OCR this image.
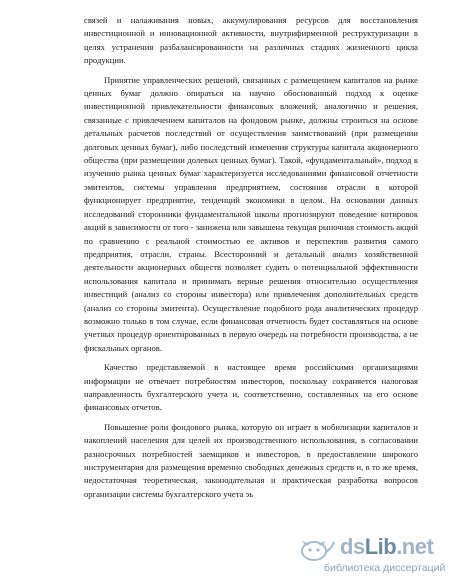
связей и налаживания новых, аккумулирования ресурсов для восстановления
инвестиционной и инновационной активности, внутрифирменной реструктуризации в
целях устранения разбалансированности на различных стадиях жизненного цикла
продукции.

Принятие управленческих решений, связанных с размещением капиталов на рынке
ценных бумаг должно опираться на научно обоснованный подход к оценке
инвестиционной привлекательности финансовых вложений, аналогично и решения,
связанные с привлечением капиталов на фондовом рынке, должны строиться на основе
детальных расчетов последствий от осуществления заимствований (при размещении
долговых ценных бумаг), либо последствий изменения структуры капитала акционерного
общества (при размещении долевых ценных бумаг). Такой, «фундаментальный», подход к
изучению рынка ценных бумаг характеризуется исследованиями финансовой отчетности
эмитентов, системы управления предприятием, состояния отрасли в которой
функционирует предприятие, тенденций экономики в целом. На основании данных
исследований сторонники фундаментальной школы прогнозируют поведение котировок
акций в зависимости от того - занижена или завышена текущая рыночная стоимость акций
по сравнению с реальной стоимостью ее активов и перспектив развития самого
предприятия, отрасли, страны. Всесторонний и детальный анализ хозяйственной
деятельности акционерных обществ позволяет судить о потенциальной эффективности
использования капитала и принимать верные решения относительно осуществления
инвестиций (анализ со стороны инвестора) или привлечения дополнительных средств
(анализ со стороны эмитента). Осуществление подобного рода аналитических процедур
возможно только в том случае, если финансовая отчетность будет составляться на основе
учетных процедур ориентированных в первую очередь на потребности производства, а не
фискальных органов.

Качество представляемой в настоящее время российскими организациями
информации не отвечает потребностям инвесторов, поскольку сохраняется налоговая
направленность бухгалтерского учета и, соответственно, составленных на его основе
финансовых отчетов.

Повышение роли фондового рынка, которую он играет в мобилизации капиталов и
накоплений населения для целей их производственного использования, в согласовании
разносрочных потребностей заемщиков и инвесторов, в предоставлении широкого
инструментария для размещения временно свободных денежных средств и, в то же время,
недостаточная теоретическая, законодательная и практическая разработка вопросов
организации системы бухгалтерского учета эь

dsLib.net
библиотека диссертаций
